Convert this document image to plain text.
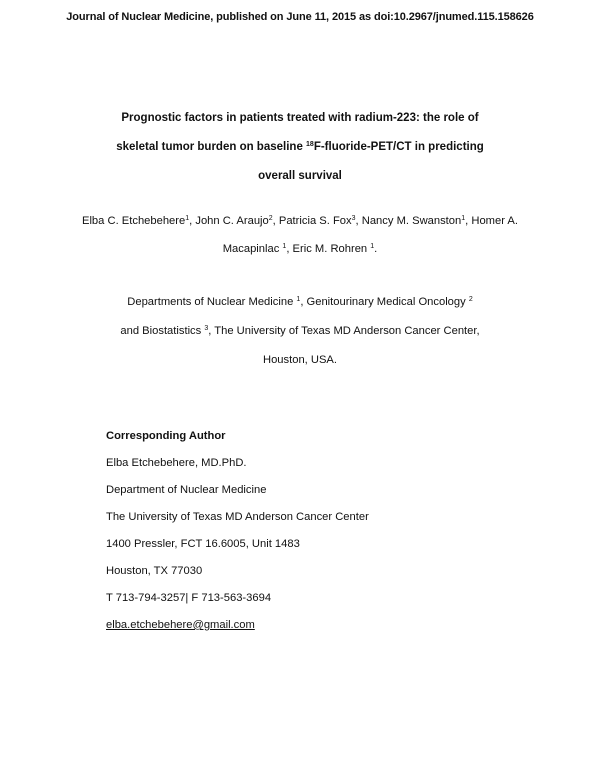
Journal of Nuclear Medicine, published on June 11, 2015 as doi:10.2967/jnumed.115.158626
Prognostic factors in patients treated with radium-223: the role of
skeletal tumor burden on baseline $^{18}$F-fluoride-PET/CT in predicting
overall survival
Elba C. Etchebehere$^1$, John C. Araujo$^2$, Patricia S. Fox$^3$, Nancy M. Swanston$^1$, Homer A. Macapinlac $^1$, Eric M. Rohren $^1$.
Departments of Nuclear Medicine $^1$, Genitourinary Medical Oncology $^2$
and Biostatistics $^3$, The University of Texas MD Anderson Cancer Center,
Houston, USA.
Corresponding Author
Elba Etchebehere, MD.PhD.
Department of Nuclear Medicine
The University of Texas MD Anderson Cancer Center
1400 Pressler, FCT 16.6005, Unit 1483
Houston, TX 77030
T 713-794-3257| F 713-563-3694
elba.etchebehere@gmail.com
